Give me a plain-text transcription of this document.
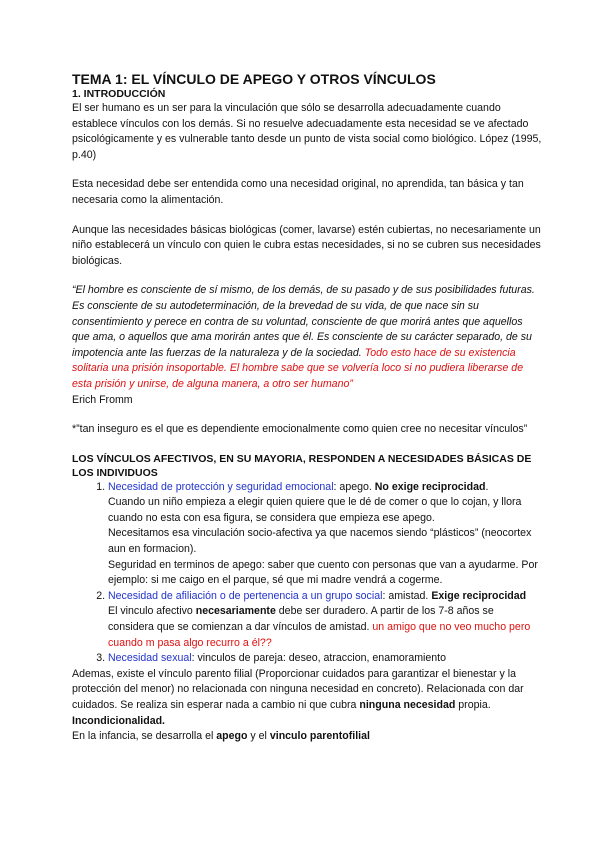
TEMA 1: EL VÍNCULO DE APEGO Y OTROS VÍNCULOS
1. INTRODUCCIÓN

El ser humano es un ser para la vinculación que sólo se desarrolla adecuadamente cuando establece vínculos con los demás. Si no resuelve adecuadamente esta necesidad se ve afectado psicológicamente y es vulnerable tanto desde un punto de vista social como biológico. López (1995, p.40)

Esta necesidad debe ser entendida como una necesidad original, no aprendida, tan básica y tan necesaria como la alimentación.

Aunque las necesidades básicas biológicas (comer, lavarse) estén cubiertas, no necesariamente un niño establecerá un vínculo con quien le cubra estas necesidades, si no se cubren sus necesidades biológicas.

“El hombre es consciente de sí mismo, de los demás, de su pasado y de sus posibilidades futuras. Es consciente de su autodeterminación, de la brevedad de su vida, de que nace sin su consentimiento y perece en contra de su voluntad, consciente de que morirá antes que aquellos que ama, o aquellos que ama morirán antes que él. Es consciente de su carácter separado, de su impotencia ante las fuerzas de la naturaleza y de la sociedad. Todo esto hace de su existencia solitaria una prisión insoportable. El hombre sabe que se volvería loco si no pudiera liberarse de esta prisión y unirse, de alguna manera, a otro ser humano”

Erich Fromm

*”tan inseguro es el que es dependiente emocionalmente como quien cree no necesitar vínculos”

LOS VÍNCULOS AFECTIVOS, EN SU MAYORIA, RESPONDEN A NECESIDADES BÁSICAS DE LOS INDIVIDUOS
1. Necesidad de protección y seguridad emocional: apego. No exige reciprocidad.
Cuando un niño empieza a elegir quien quiere que le dé de comer o que lo cojan, y llora cuando no esta con esa figura, se considera que empieza ese apego.
Necesitamos esa vinculación socio-afectiva ya que nacemos siendo “plásticos” (neocortex aun en formacion).
Seguridad en terminos de apego: saber que cuento con personas que van a ayudarme. Por ejemplo: si me caigo en el parque, sé que mi madre vendrá a cogerme.
2. Necesidad de afiliación o de pertenencia a un grupo social: amistad. Exige reciprocidad
El vinculo afectivo necesariamente debe ser duradero. A partir de los 7-8 años se considera que se comienzan a dar vínculos de amistad. un amigo que no veo mucho pero cuando m pasa algo recurro a él??
3. Necesidad sexual: vinculos de pareja: deseo, atraccion, enamoramiento

Ademas, existe el vínculo parento filial (Proporcionar cuidados para garantizar el bienestar y la protección del menor) no relacionada con ninguna necesidad en concreto). Relacionada con dar cuidados. Se realiza sin esperar nada a cambio ni que cubra ninguna necesidad propia. Incondicionalidad.

En la infancia, se desarrolla el apego y el vinculo parentofilial
